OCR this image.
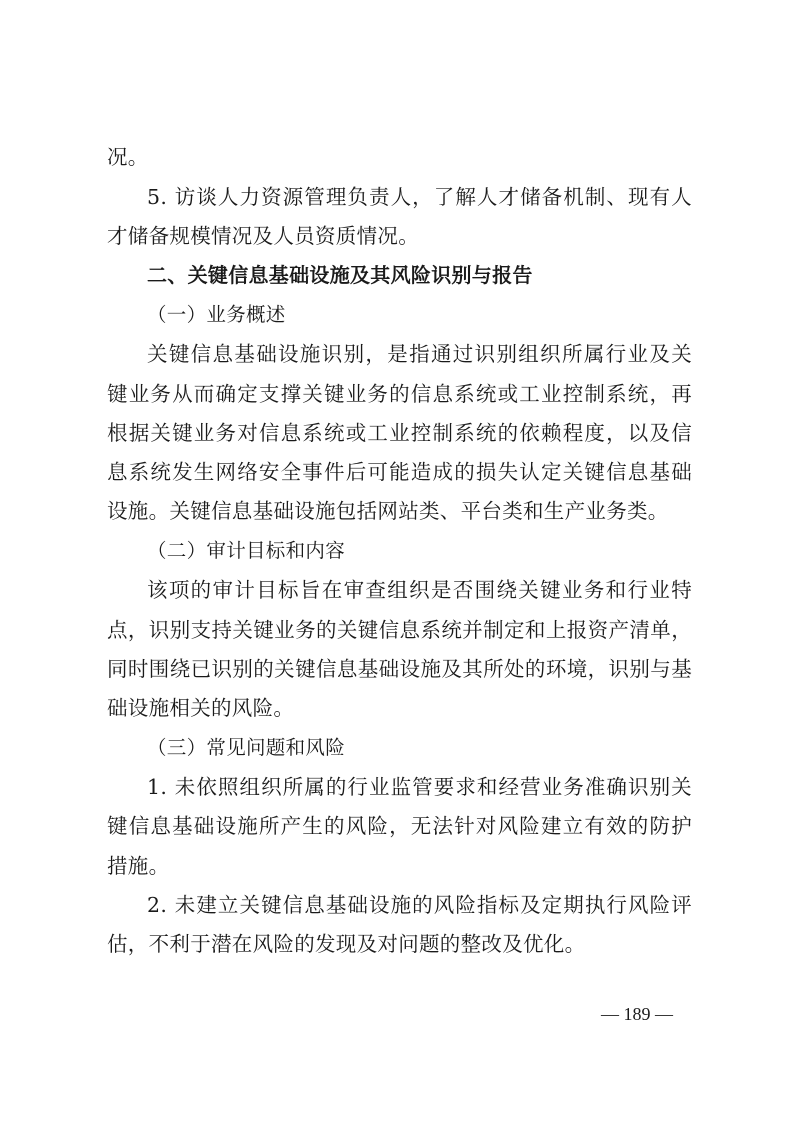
况。
5. 访谈人力资源管理负责人，了解人才储备机制、现有人
才储备规模情况及人员资质情况。
二、关键信息基础设施及其风险识别与报告
（一）业务概述
关键信息基础设施识别，是指通过识别组织所属行业及关
键业务从而确定支撑关键业务的信息系统或工业控制系统，再
根据关键业务对信息系统或工业控制系统的依赖程度，以及信
息系统发生网络安全事件后可能造成的损失认定关键信息基础
设施。关键信息基础设施包括网站类、平台类和生产业务类。
（二）审计目标和内容
该项的审计目标旨在审查组织是否围绕关键业务和行业特
点，识别支持关键业务的关键信息系统并制定和上报资产清单，
同时围绕已识别的关键信息基础设施及其所处的环境，识别与基
础设施相关的风险。
（三）常见问题和风险
1. 未依照组织所属的行业监管要求和经营业务准确识别关
键信息基础设施所产生的风险，无法针对风险建立有效的防护
措施。
2. 未建立关键信息基础设施的风险指标及定期执行风险评
估，不利于潜在风险的发现及对问题的整改及优化。
— 189 —
